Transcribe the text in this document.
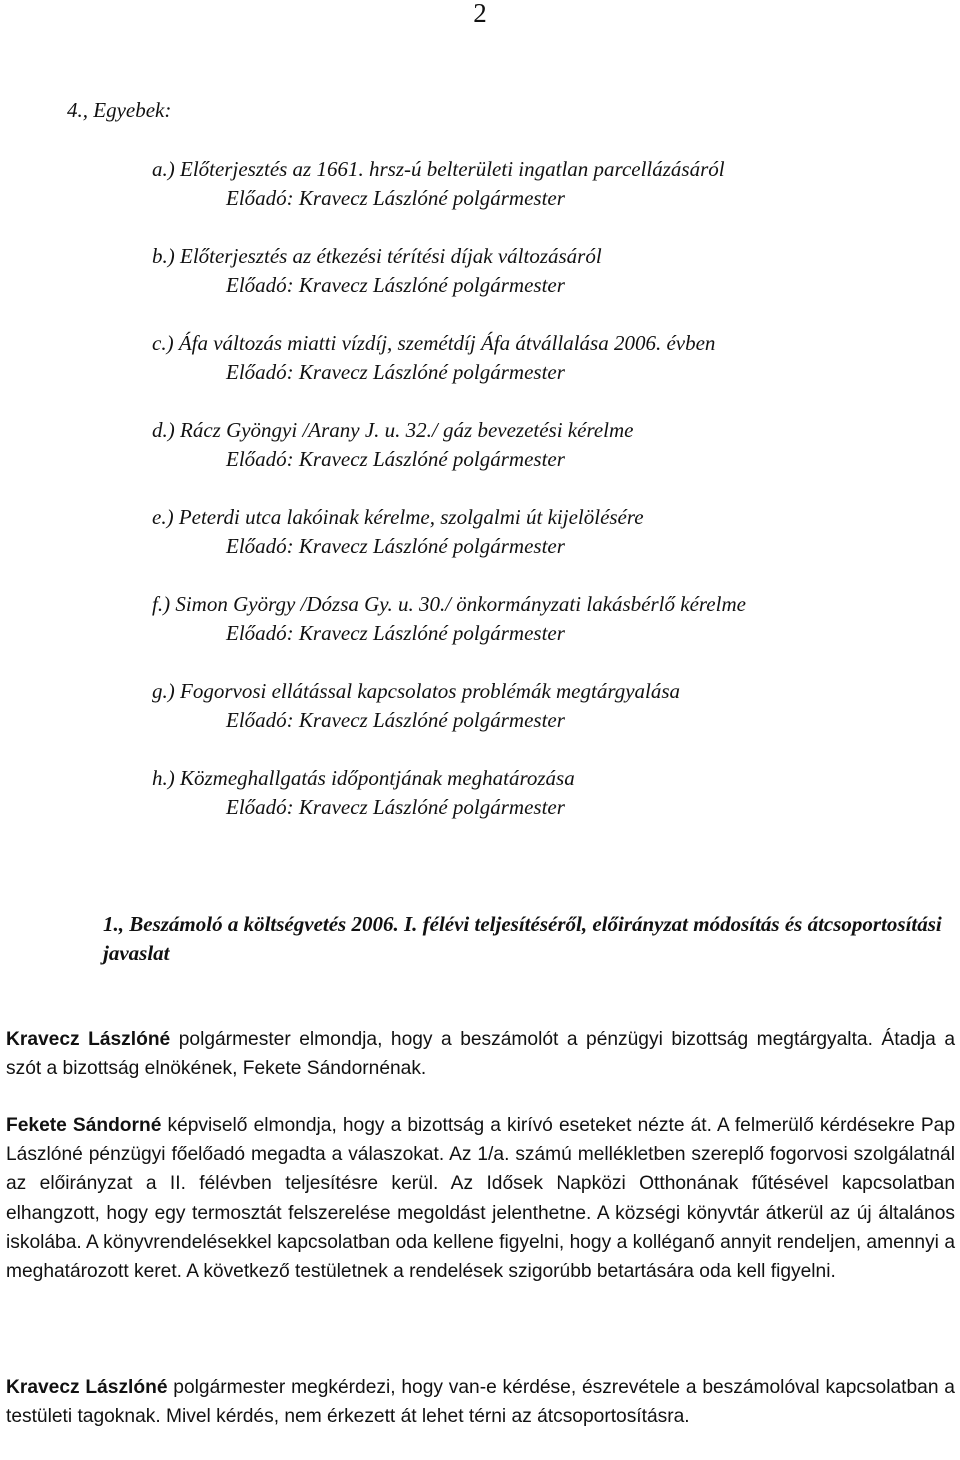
2
4., Egyebek:
a.) Előterjesztés az 1661. hrsz-ú belterületi ingatlan parcellázásáról
Előadó: Kravecz Lászlóné polgármester
b.) Előterjesztés az étkezési térítési díjak változásáról
Előadó: Kravecz Lászlóné polgármester
c.) Áfa változás miatti vízdíj, szemétdíj Áfa átvállalása 2006. évben
Előadó: Kravecz Lászlóné polgármester
d.) Rácz Gyöngyi /Arany J. u. 32./ gáz bevezetési kérelme
Előadó: Kravecz Lászlóné polgármester
e.) Peterdi utca lakóinak kérelme, szolgalmi út kijelölésére
Előadó: Kravecz Lászlóné polgármester
f.) Simon György /Dózsa Gy. u. 30./ önkormányzati lakásbérlő kérelme
Előadó: Kravecz Lászlóné polgármester
g.) Fogorvosi ellátással kapcsolatos problémák megtárgyalása
Előadó: Kravecz Lászlóné polgármester
h.) Közmeghallgatás időpontjának meghatározása
Előadó: Kravecz Lászlóné polgármester
1., Beszámoló a költségvetés 2006. I. félévi teljesítéséről, előirányzat módosítás és átcsoportosítási javaslat
Kravecz Lászlóné polgármester elmondja, hogy a beszámolót a pénzügyi bizottság megtárgyalta. Átadja a szót a bizottság elnökének, Fekete Sándornénak.
Fekete Sándorné képviselő elmondja, hogy a bizottság a kirívó eseteket nézte át. A felmerülő kérdésekre Pap Lászlóné pénzügyi főelőadó megadta a válaszokat. Az 1/a. számú mellékletben szereplő fogorvosi szolgálatnál az előirányzat a II. félévben teljesítésre kerül. Az Idősek Napközi Otthonának fűtésével kapcsolatban elhangzott, hogy egy termosztát felszerelése megoldást jelenthetne. A községi könyvtár átkerül az új általános iskolába. A könyvrendelésekkel kapcsolatban oda kellene figyelni, hogy a kolléganő annyit rendeljen, amennyi a meghatározott keret. A következő testületnek a rendelések szigorúbb betartására oda kell figyelni.
Kravecz Lászlóné polgármester megkérdezi, hogy van-e kérdése, észrevétele a beszámolóval kapcsolatban a testületi tagoknak. Mivel kérdés, nem érkezett át lehet térni az átcsoportosításra.
